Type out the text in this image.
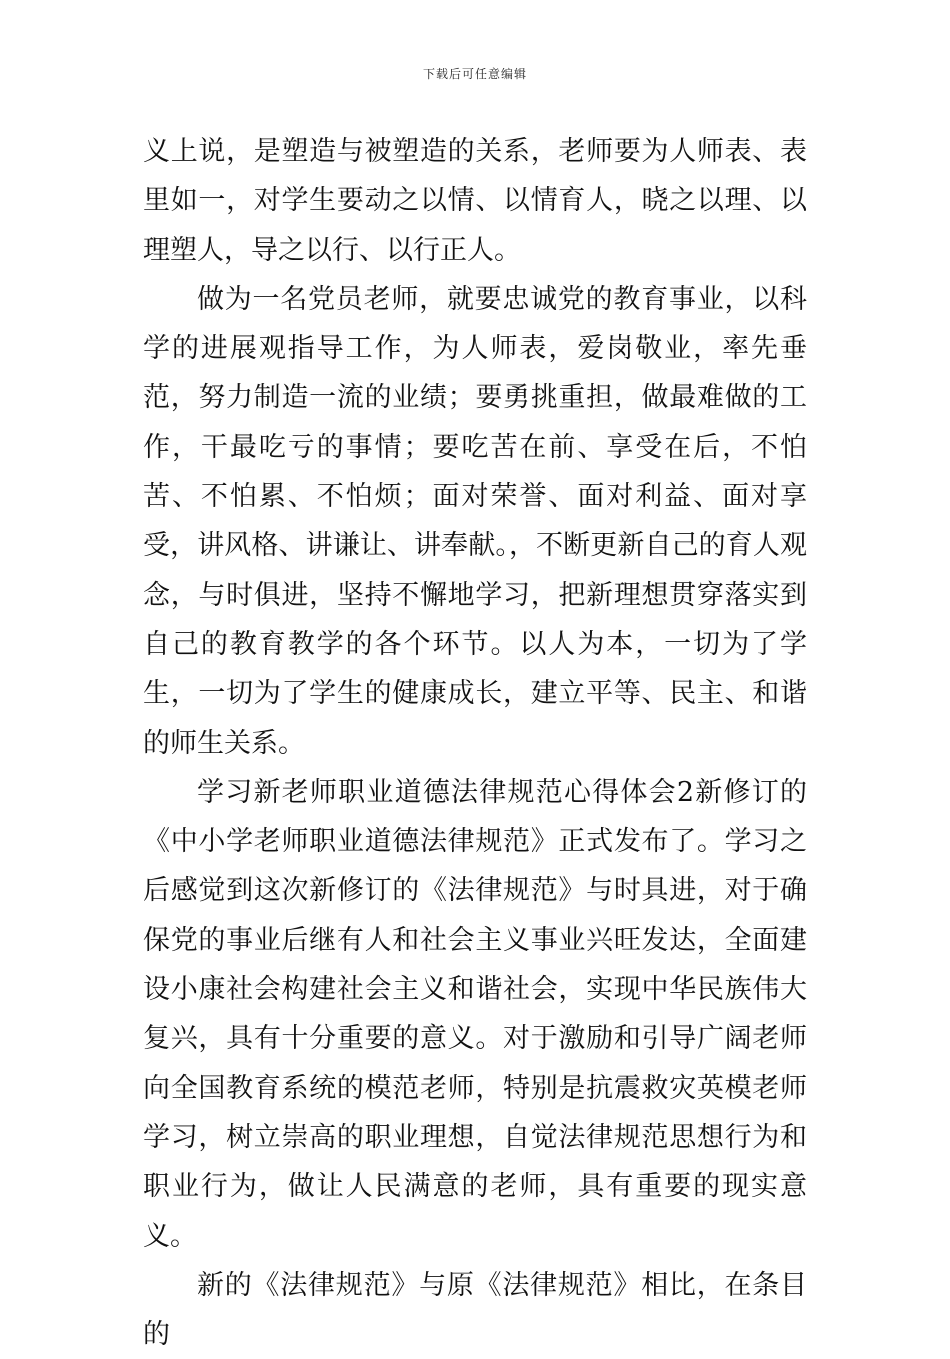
下载后可任意编辑

义上说，是塑造与被塑造的关系，老师要为人师表、表里如一，对学生要动之以情、以情育人，晓之以理、以理塑人，导之以行、以行正人。

做为一名党员老师，就要忠诚党的教育事业，以科学的进展观指导工作，为人师表，爱岗敬业，率先垂范，努力制造一流的业绩；要勇挑重担，做最难做的工作，干最吃亏的事情；要吃苦在前、享受在后，不怕苦、不怕累、不怕烦；面对荣誉、面对利益、面对享受，讲风格、讲谦让、讲奉献。，不断更新自己的育人观念，与时俱进，坚持不懈地学习，把新理想贯穿落实到自己的教育教学的各个环节。以人为本，一切为了学生，一切为了学生的健康成长，建立平等、民主、和谐的师生关系。

学习新老师职业道德法律规范心得体会2新修订的《中小学老师职业道德法律规范》正式发布了。学习之后感觉到这次新修订的《法律规范》与时具进，对于确保党的事业后继有人和社会主义事业兴旺发达，全面建设小康社会构建社会主义和谐社会，实现中华民族伟大复兴，具有十分重要的意义。对于激励和引导广阔老师向全国教育系统的模范老师，特别是抗震救灾英模老师学习，树立崇高的职业理想，自觉法律规范思想行为和职业行为，做让人民满意的老师，具有重要的现实意义。

新的《法律规范》与原《法律规范》相比，在条目的
